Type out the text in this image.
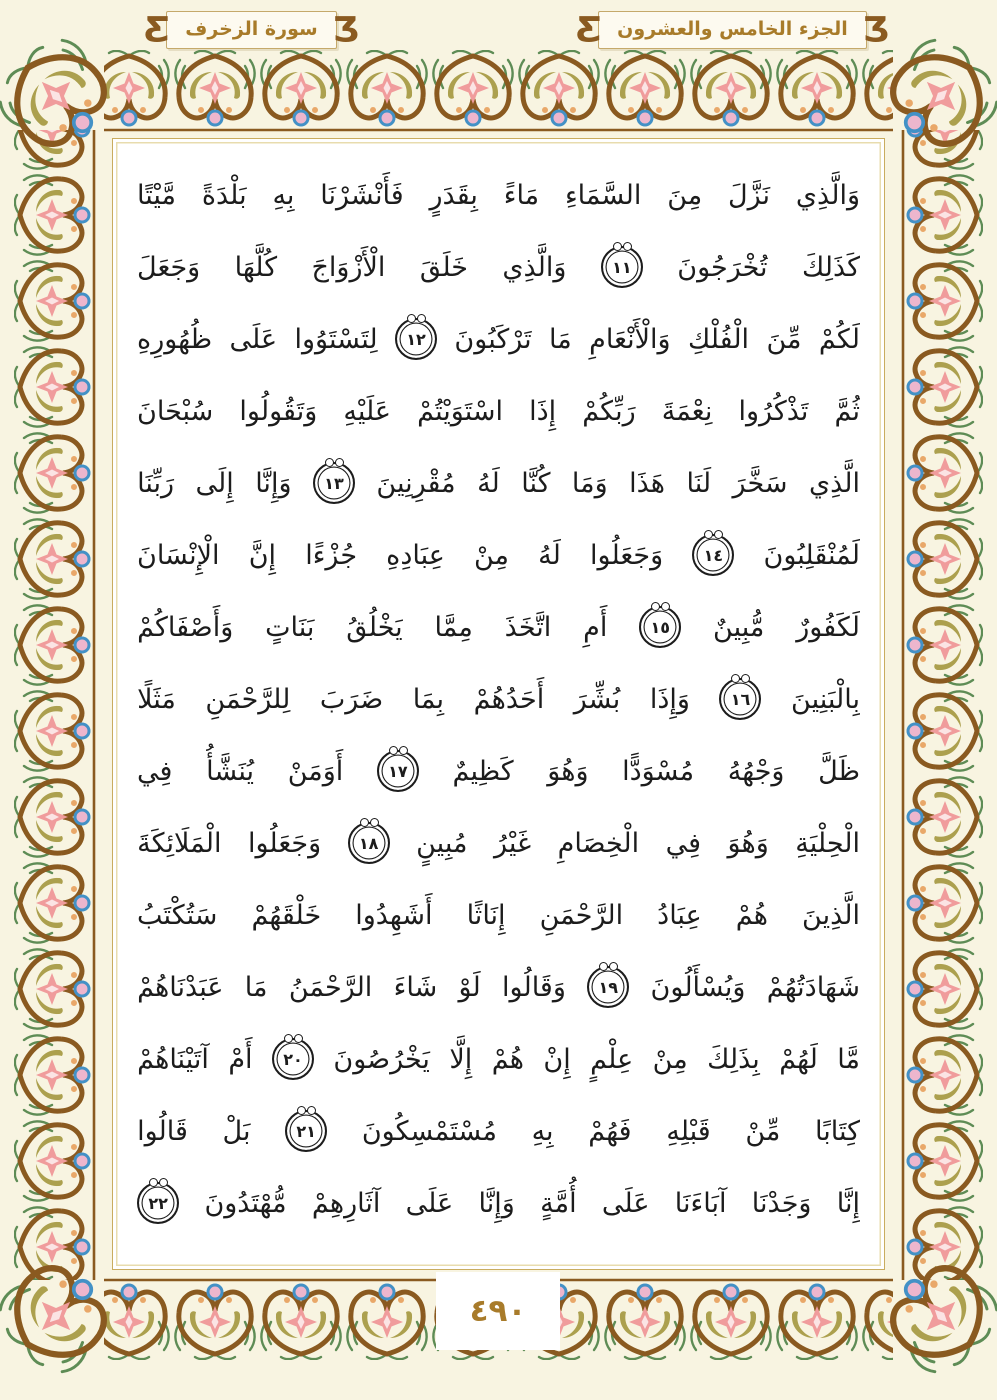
Ƹ سورة الزخرف Ʒ	Ƹ الجزء الخامس والعشرون Ʒ
وَالَّذِي
نَزَّلَ
مِنَ
السَّمَاءِ
مَاءً
بِقَدَرٍ
فَأَنْشَرْنَا
بِهِ
بَلْدَةً
مَّيْتًا
كَذَلِكَ
تُخْرَجُونَ
١١
وَالَّذِي
خَلَقَ
الْأَزْوَاجَ
كُلَّهَا
وَجَعَلَ
لَكُمْ
مِّنَ
الْفُلْكِ
وَالْأَنْعَامِ
مَا
تَرْكَبُونَ
١٢
لِتَسْتَوُوا
عَلَى
ظُهُورِهِ
ثُمَّ
تَذْكُرُوا
نِعْمَةَ
رَبِّكُمْ
إِذَا
اسْتَوَيْتُمْ
عَلَيْهِ
وَتَقُولُوا
سُبْحَانَ
الَّذِي
سَخَّرَ
لَنَا
هَذَا
وَمَا
كُنَّا
لَهُ
مُقْرِنِينَ
١٣
وَإِنَّا
إِلَى
رَبِّنَا
لَمُنْقَلِبُونَ
١٤
وَجَعَلُوا
لَهُ
مِنْ
عِبَادِهِ
جُزْءًا
إِنَّ
الْإِنْسَانَ
لَكَفُورٌ
مُّبِينٌ
١٥
أَمِ
اتَّخَذَ
مِمَّا
يَخْلُقُ
بَنَاتٍ
وَأَصْفَاكُمْ
بِالْبَنِينَ
١٦
وَإِذَا
بُشِّرَ
أَحَدُهُمْ
بِمَا
ضَرَبَ
لِلرَّحْمَنِ
مَثَلًا
ظَلَّ
وَجْهُهُ
مُسْوَدًّا
وَهُوَ
كَظِيمٌ
١٧
أَوَمَنْ
يُنَشَّأُ
فِي
الْحِلْيَةِ
وَهُوَ
فِي
الْخِصَامِ
غَيْرُ
مُبِينٍ
١٨
وَجَعَلُوا
الْمَلَائِكَةَ
الَّذِينَ
هُمْ
عِبَادُ
الرَّحْمَنِ
إِنَاثًا
أَشَهِدُوا
خَلْقَهُمْ
سَتُكْتَبُ
شَهَادَتُهُمْ
وَيُسْأَلُونَ
١٩
وَقَالُوا
لَوْ
شَاءَ
الرَّحْمَنُ
مَا
عَبَدْنَاهُمْ
مَّا
لَهُمْ
بِذَلِكَ
مِنْ
عِلْمٍ
إِنْ
هُمْ
إِلَّا
يَخْرُصُونَ
٢٠
أَمْ
آتَيْنَاهُمْ
كِتَابًا
مِّنْ
قَبْلِهِ
فَهُمْ
بِهِ
مُسْتَمْسِكُونَ
٢١
بَلْ
قَالُوا
إِنَّا
وَجَدْنَا
آبَاءَنَا
عَلَى
أُمَّةٍ
وَإِنَّا
عَلَى
آثَارِهِمْ
مُّهْتَدُونَ
٢٢
٤٩٠
